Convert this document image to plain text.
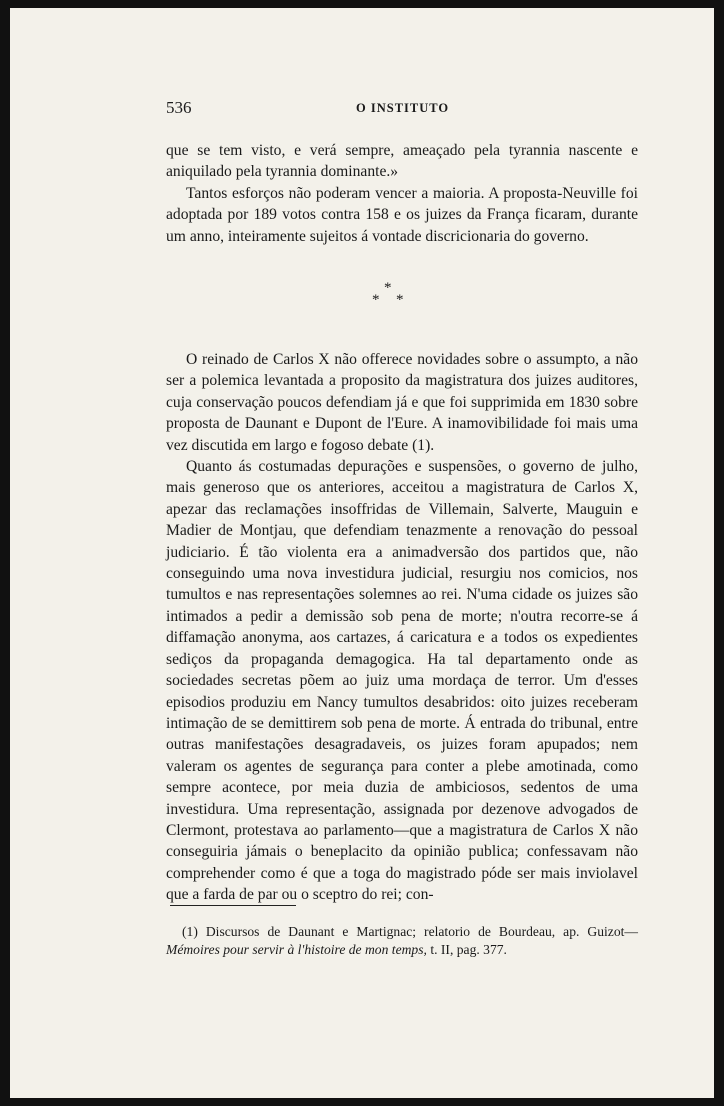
536	O INSTITUTO

que se tem visto, e verá sempre, ameaçado pela tyrannia nascente e aniquilado pela tyrannia dominante.»

Tantos esforços não poderam vencer a maioria. A proposta-Neuville foi adoptada por 189 votos contra 158 e os juizes da França ficaram, durante um anno, inteiramente sujeitos á vontade discricionaria do governo.

*
* *

O reinado de Carlos X não offerece novidades sobre o assumpto, a não ser a polemica levantada a proposito da magistratura dos juizes auditores, cuja conservação poucos defendiam já e que foi supprimida em 1830 sobre proposta de Daunant e Dupont de l'Eure. A inamovibilidade foi mais uma vez discutida em largo e fogoso debate (1).

Quanto ás costumadas depurações e suspensões, o governo de julho, mais generoso que os anteriores, acceitou a magistratura de Carlos X, apezar das reclamações insoffridas de Villemain, Salverte, Mauguin e Madier de Montjau, que defendiam tenazmente a renovação do pessoal judiciario. É tão violenta era a animadversão dos partidos que, não conseguindo uma nova investidura judicial, resurgiu nos comicios, nos tumultos e nas representações solemnes ao rei. N'uma cidade os juizes são intimados a pedir a demissão sob pena de morte; n'outra recorre-se á diffamação anonyma, aos cartazes, á caricatura e a todos os expedientes sediços da propaganda demagogica. Ha tal departamento onde as sociedades secretas põem ao juiz uma mordaça de terror. Um d'esses episodios produziu em Nancy tumultos desabridos: oito juizes receberam intimação de se demittirem sob pena de morte. Á entrada do tribunal, entre outras manifestações desagradaveis, os juizes foram apupados; nem valeram os agentes de segurança para conter a plebe amotinada, como sempre acontece, por meia duzia de ambiciosos, sedentos de uma investidura. Uma representação, assignada por dezenove advogados de Clermont, protestava ao parlamento—que a magistratura de Carlos X não conseguiria jámais o beneplacito da opinião publica; confessavam não comprehender como é que a toga do magistrado póde ser mais inviolavel que a farda de par ou o sceptro do rei; con-

(1) Discursos de Daunant e Martignac; relatorio de Bourdeau, ap. Guizot—Mémoires pour servir à l'histoire de mon temps, t. II, pag. 377.
